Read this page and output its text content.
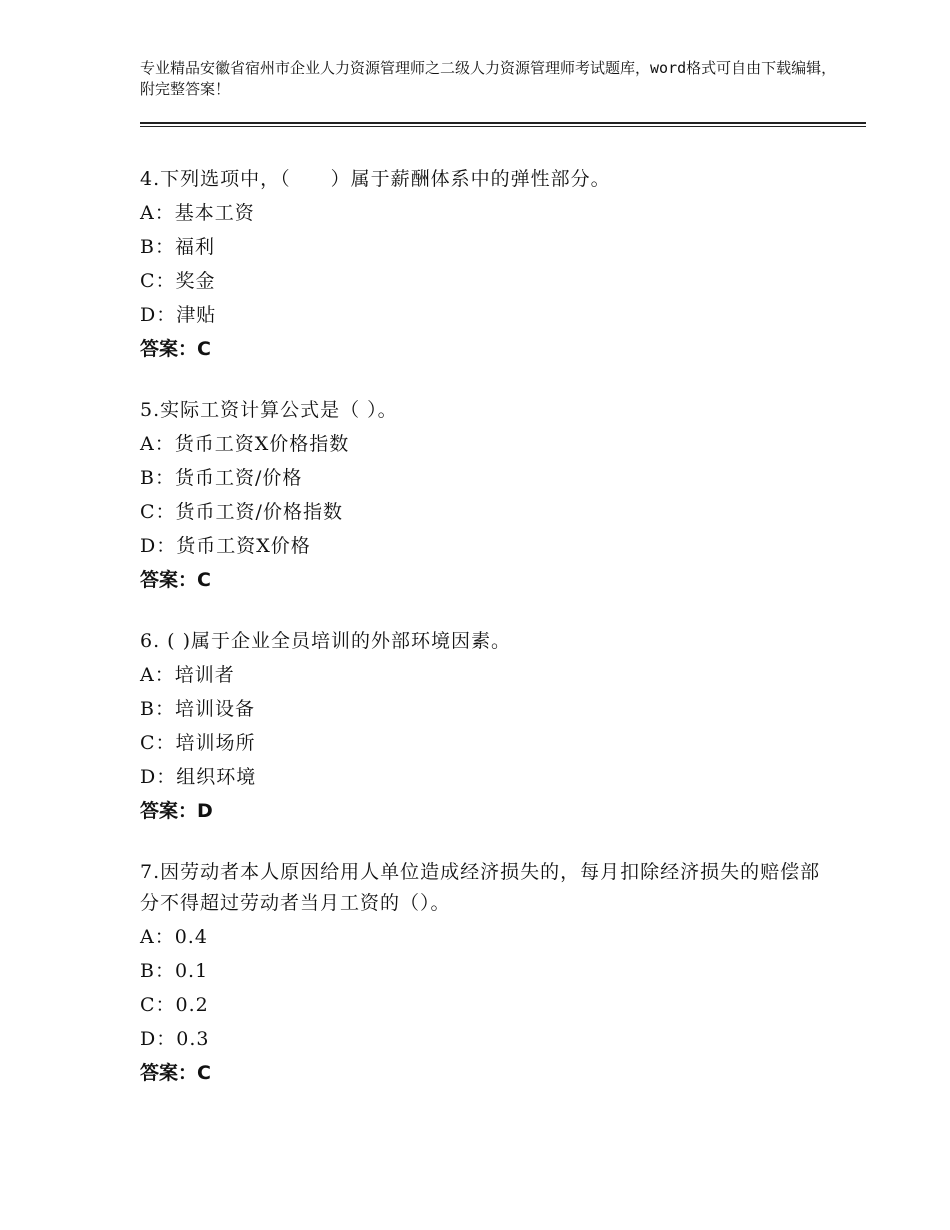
专业精品安徽省宿州市企业人力资源管理师之二级人力资源管理师考试题库，word格式可自由下载编辑，附完整答案！

4.下列选项中，（　　）属于薪酬体系中的弹性部分。

A：基本工资

B：福利

C：奖金

D：津贴

答案：C

5.实际工资计算公式是（ ）。

A：货币工资X价格指数

B：货币工资/价格

C：货币工资/价格指数

D：货币工资X价格

答案：C

6. ( )属于企业全员培训的外部环境因素。

A：培训者

B：培训设备

C：培训场所

D：组织环境

答案：D

7.因劳动者本人原因给用人单位造成经济损失的，每月扣除经济损失的赔偿部分不得超过劳动者当月工资的（）。

A：0.4

B：0.1

C：0.2

D：0.3

答案：C
